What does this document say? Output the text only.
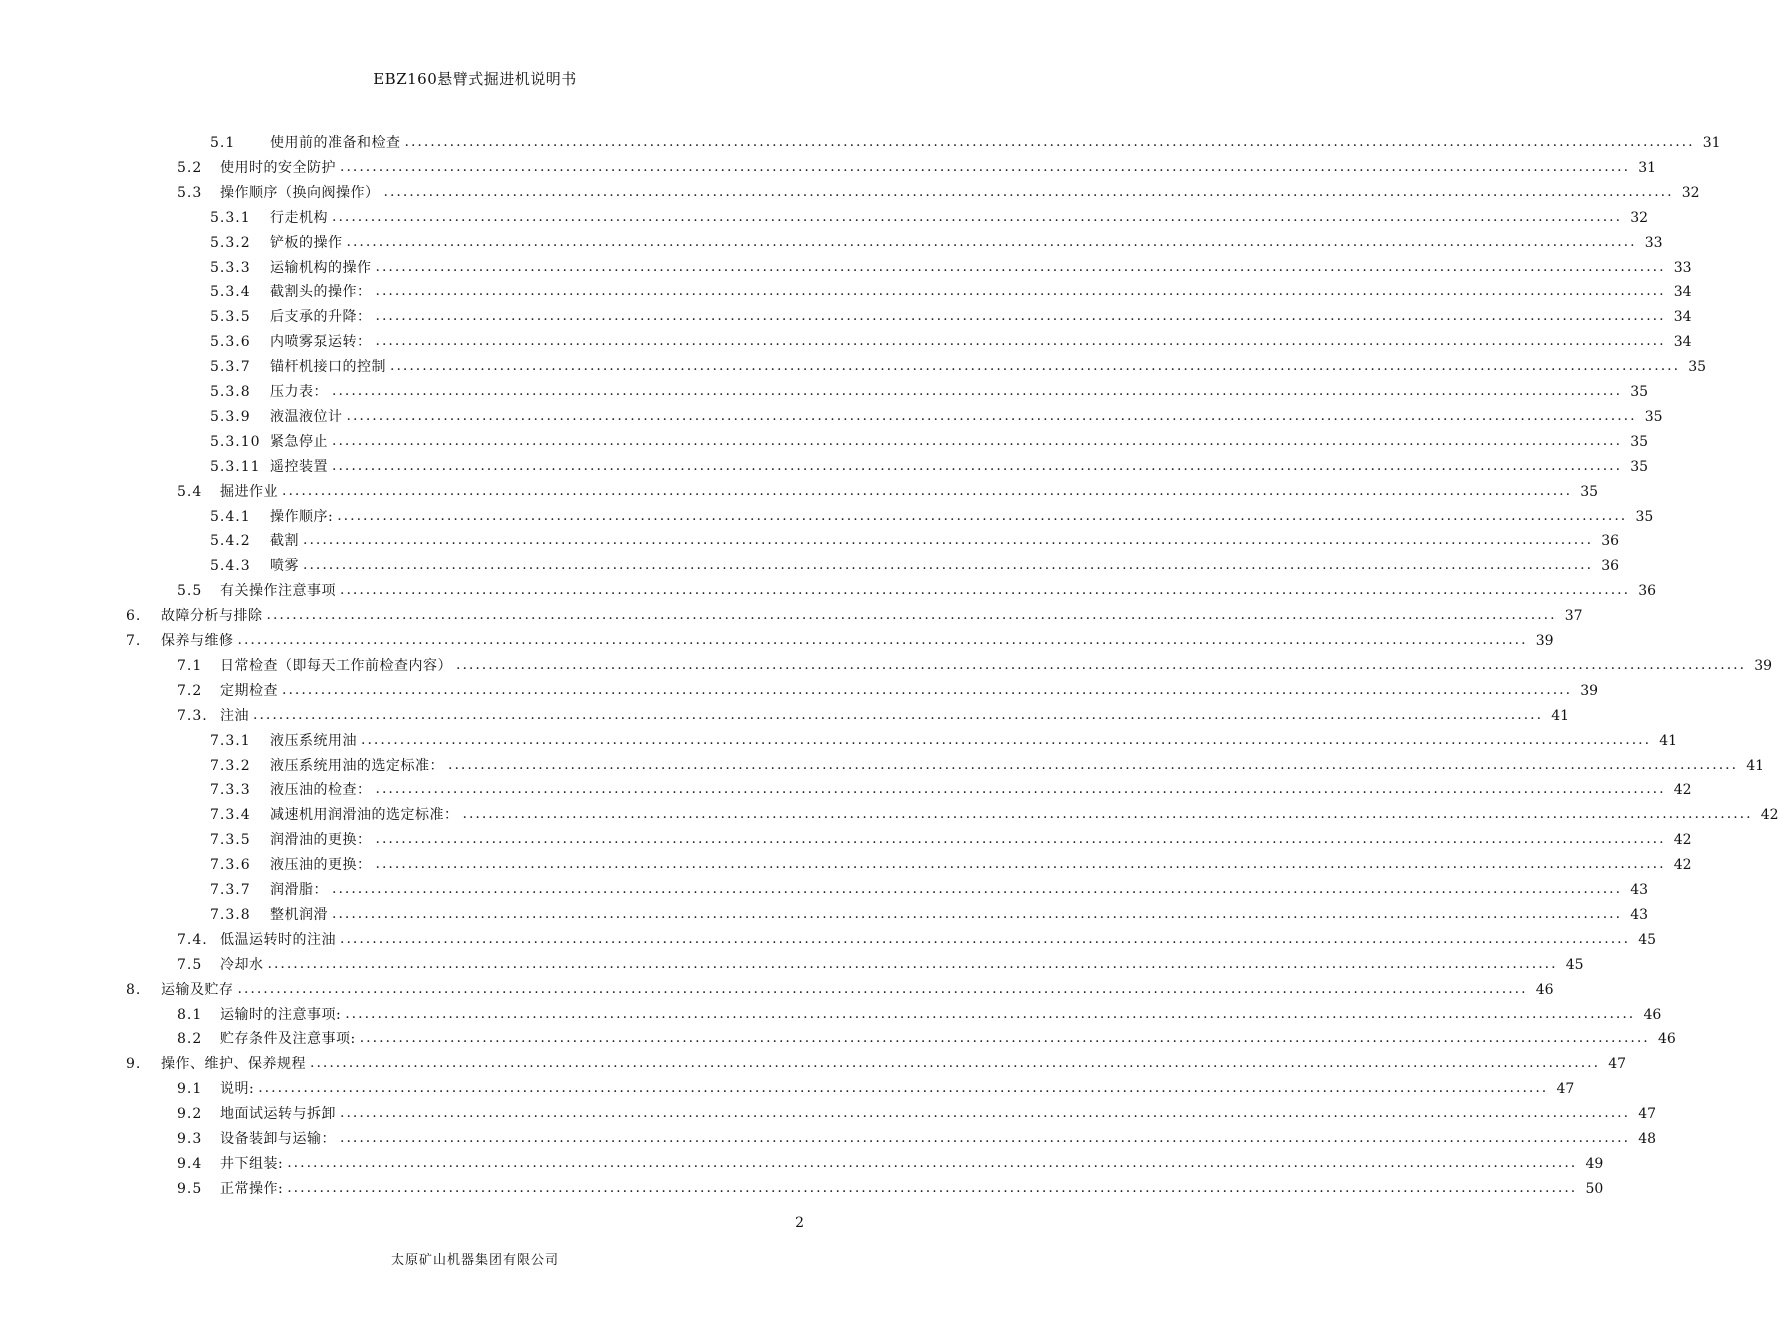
EBZ160悬臂式掘进机说明书
5.1	使用前的准备和检查 ........................................................................................................................................................................................................ 31
5.2	使用时的安全防护 ........................................................................................................................................................................................................ 31
5.3	操作顺序（换向阀操作） ........................................................................................................................................................................................................ 32
5.3.1	行走机构 ........................................................................................................................................................................................................ 32
5.3.2	铲板的操作 ........................................................................................................................................................................................................ 33
5.3.3	运输机构的操作 ........................................................................................................................................................................................................ 33
5.3.4	截割头的操作： ........................................................................................................................................................................................................ 34
5.3.5	后支承的升降： ........................................................................................................................................................................................................ 34
5.3.6	内喷雾泵运转： ........................................................................................................................................................................................................ 34
5.3.7	锚杆机接口的控制 ........................................................................................................................................................................................................ 35
5.3.8	压力表： ........................................................................................................................................................................................................ 35
5.3.9	液温液位计 ........................................................................................................................................................................................................ 35
5.3.10 紧急停止 ........................................................................................................................................................................................................ 35
5.3.11 遥控装置 ........................................................................................................................................................................................................ 35
5.4	掘进作业 ........................................................................................................................................................................................................ 35
5.4.1	操作顺序: ........................................................................................................................................................................................................ 35
5.4.2	截割 ........................................................................................................................................................................................................ 36
5.4.3	喷雾 ........................................................................................................................................................................................................ 36
5.5	有关操作注意事项 ........................................................................................................................................................................................................ 36
6.	故障分析与排除 ........................................................................................................................................................................................................ 37
7.	保养与维修 ........................................................................................................................................................................................................ 39
7.1	日常检查（即每天工作前检查内容） ........................................................................................................................................................................................................ 39
7.2	定期检查 ........................................................................................................................................................................................................ 39
7.3. 注油 ........................................................................................................................................................................................................ 41
7.3.1	液压系统用油 ........................................................................................................................................................................................................ 41
7.3.2	液压系统用油的选定标准： ........................................................................................................................................................................................................ 41
7.3.3	液压油的检查： ........................................................................................................................................................................................................ 42
7.3.4	减速机用润滑油的选定标准： ........................................................................................................................................................................................................ 42
7.3.5	润滑油的更换： ........................................................................................................................................................................................................ 42
7.3.6	液压油的更换： ........................................................................................................................................................................................................ 42
7.3.7	润滑脂： ........................................................................................................................................................................................................ 43
7.3.8	整机润滑 ........................................................................................................................................................................................................ 43
7.4. 低温运转时的注油 ........................................................................................................................................................................................................ 45
7.5	冷却水 ........................................................................................................................................................................................................ 45
8.	运输及贮存 ........................................................................................................................................................................................................ 46
8.1	运输时的注意事项: ........................................................................................................................................................................................................ 46
8.2	贮存条件及注意事项: ........................................................................................................................................................................................................ 46
9.	操作、维护、保养规程 ........................................................................................................................................................................................................ 47
9.1	说明: ........................................................................................................................................................................................................ 47
9.2	地面试运转与拆卸 ........................................................................................................................................................................................................ 47
9.3	设备装卸与运输： ........................................................................................................................................................................................................ 48
9.4	井下组装: ........................................................................................................................................................................................................ 49
9.5	正常操作: ........................................................................................................................................................................................................ 50
2
太原矿山机器集团有限公司
